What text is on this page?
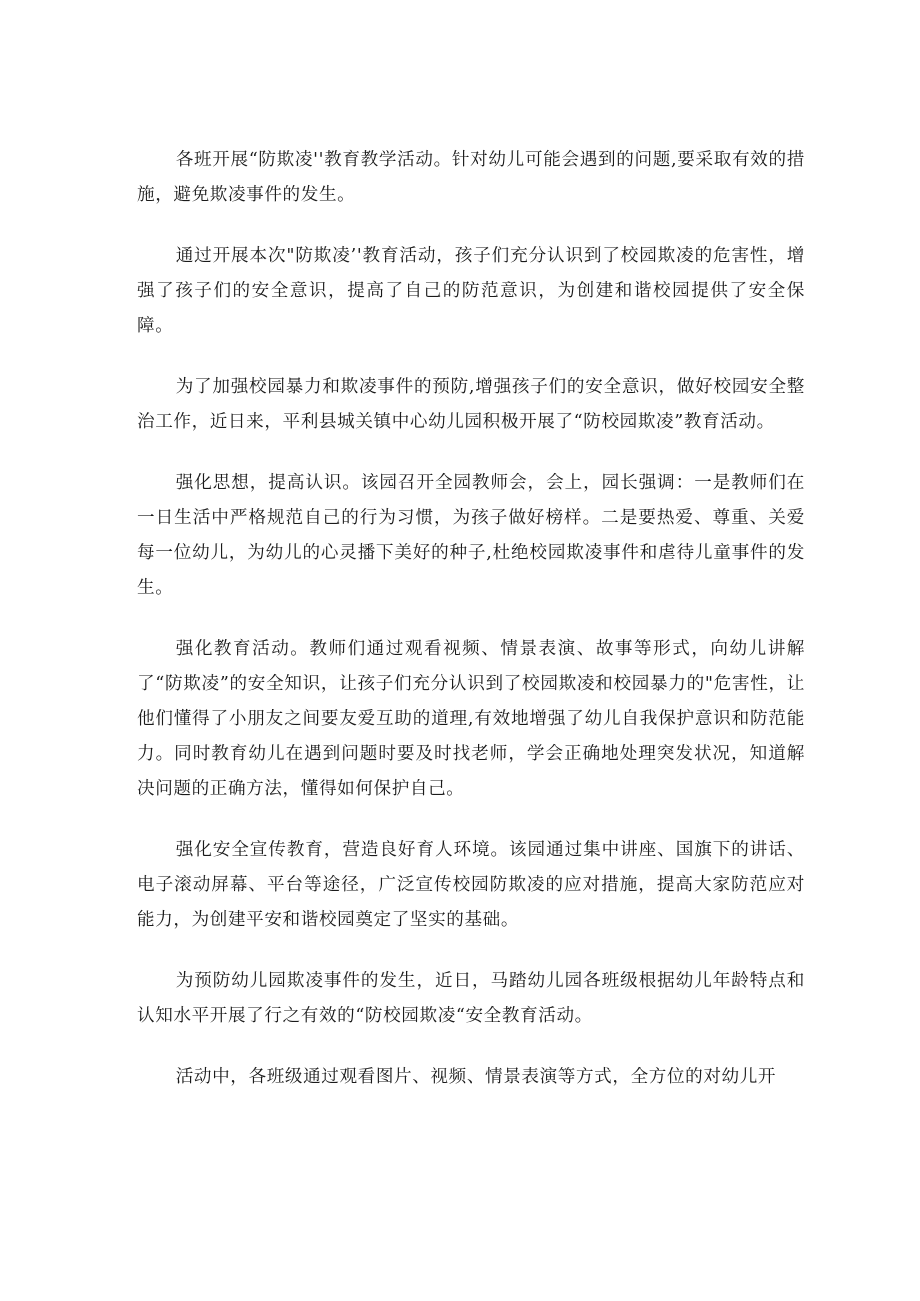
各班开展“防欺凌''教育教学活动。针对幼儿可能会遇到的问题,要采取有效的措施，避免欺凌事件的发生。

通过开展本次"防欺凌’'教育活动，孩子们充分认识到了校园欺凌的危害性，增强了孩子们的安全意识，提高了自己的防范意识，为创建和谐校园提供了安全保障。

为了加强校园暴力和欺凌事件的预防,增强孩子们的安全意识，做好校园安全整治工作，近日来，平利县城关镇中心幼儿园积极开展了“防校园欺凌”教育活动。

强化思想，提高认识。该园召开全园教师会，会上，园长强调：一是教师们在一日生活中严格规范自己的行为习惯，为孩子做好榜样。二是要热爱、尊重、关爱每一位幼儿，为幼儿的心灵播下美好的种子,杜绝校园欺凌事件和虐待儿童事件的发生。

强化教育活动。教师们通过观看视频、情景表演、故事等形式，向幼儿讲解了“防欺凌”的安全知识，让孩子们充分认识到了校园欺凌和校园暴力的"危害性，让他们懂得了小朋友之间要友爱互助的道理,有效地增强了幼儿自我保护意识和防范能力。同时教育幼儿在遇到问题时要及时找老师，学会正确地处理突发状况，知道解决问题的正确方法，懂得如何保护自己。

强化安全宣传教育，营造良好育人环境。该园通过集中讲座、国旗下的讲话、电子滚动屏幕、平台等途径，广泛宣传校园防欺凌的应对措施，提高大家防范应对能力，为创建平安和谐校园奠定了坚实的基础。

为预防幼儿园欺凌事件的发生，近日，马踏幼儿园各班级根据幼儿年龄特点和认知水平开展了行之有效的“防校园欺凌“安全教育活动。

活动中，各班级通过观看图片、视频、情景表演等方式，全方位的对幼儿开
